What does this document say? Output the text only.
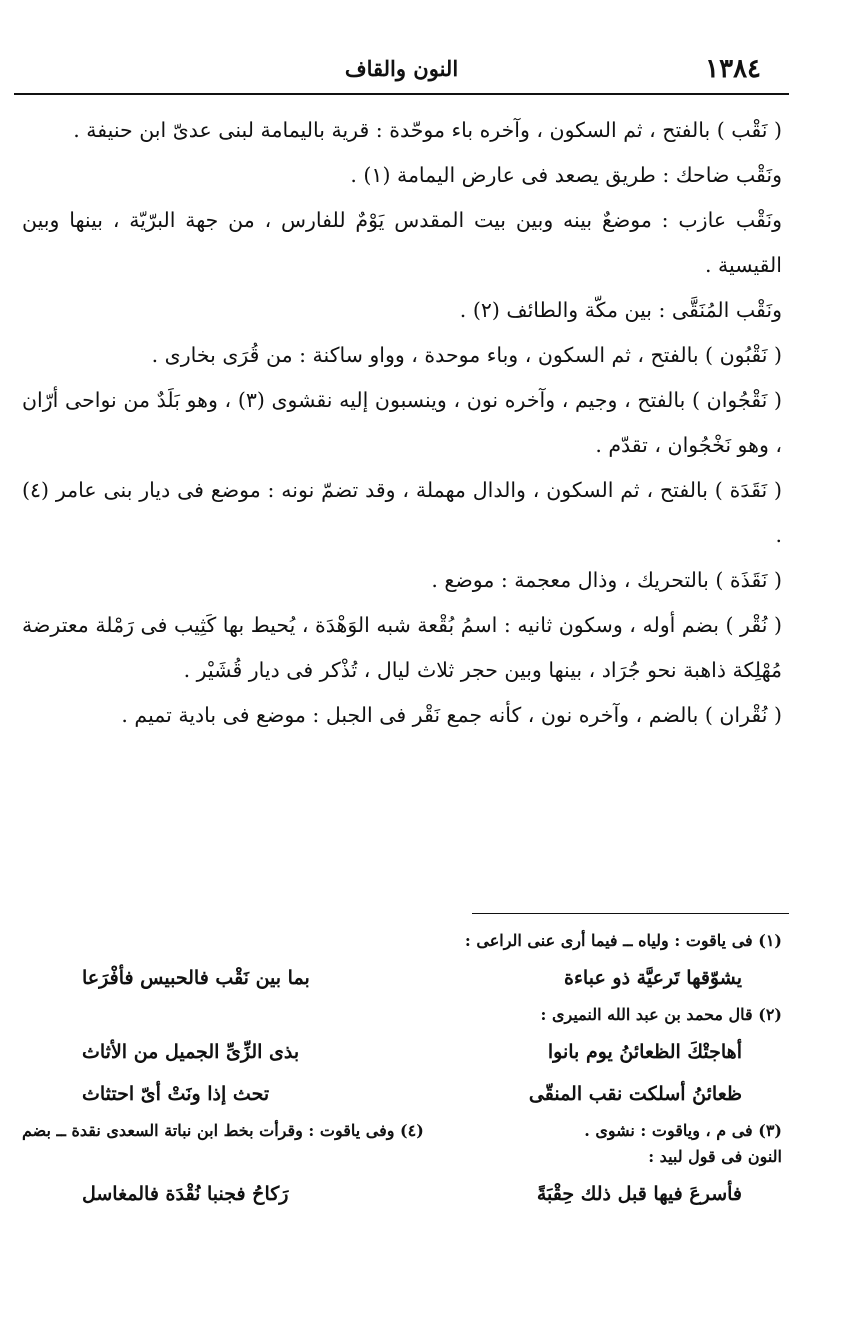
١٣٨٤
النون والقاف

( نَقْب ) بالفتح ، ثم السكون ، وآخره باء موحّدة : قرية باليمامة لبنى عدىّ ابن حنيفة .

ونَقْب ضاحك : طريق يصعد فى عارض اليمامة (١) .

ونَقْب عازب : موضعٌ بينه وبين بيت المقدس يَوْمٌ للفارس ، من جهة البرّيّة ، بينها وبين القيسية .

ونَقْب المُنَقَّى : بين مكّة والطائف (٢) .

( نَقْبُون ) بالفتح ، ثم السكون ، وباء موحدة ، وواو ساكنة : من قُرَى بخارى .

( نَقْجُوان ) بالفتح ، وجيم ، وآخره نون ، وينسبون إليه نقشوى (٣) ، وهو بَلَدٌ من نواحى أرّان ، وهو نَخْجُوان ، تقدّم .

( نَقَدَة ) بالفتح ، ثم السكون ، والدال مهملة ، وقد تضمّ نونه : موضع فى ديار بنى عامر (٤) .

( نَقَذَة ) بالتحريك ، وذال معجمة : موضع .

( نُقْر ) بضم أوله ، وسكون ثانيه : اسمُ بُقْعة شبه الوَهْدَة ، يُحيط بها كَثِيب فى رَمْلة معترضة مُهْلِكة ذاهبة نحو جُرَاد ، بينها وبين حجر ثلاث ليال ، تُذْكر فى ديار قُشَيْر .

( نُقْران ) بالضم ، وآخره نون ، كأنه جمع نَقْر فى الجبل : موضع فى بادية تميم .

(١) فى ياقوت : ولياه ــ فيما أرى عنى الراعى :

يشوّقها تَرعيَّة ذو عباءة
بما بين نَقْب فالحبيس فأفْرَعا

(٢) قال محمد بن عبد الله النميرى :

أهاجتْكَ الظعائنُ يوم بانوا
بذى الزِّىِّ الجميل من الأثاث
ظعائنُ أسلكت نقب المنقّى
تحث إذا ونَتْ أىّ احتثاث
(٣) فى م ، وياقوت : نشوى .
(٤) وفى ياقوت : وقرأت بخط ابن نباتة السعدى نقدة ــ بضم

النون فى قول لبيد :

فأسرعَ فيها قبل ذلك حِقْبَةً
رَكاحُ فجنبا نُقْدَة فالمغاسل
